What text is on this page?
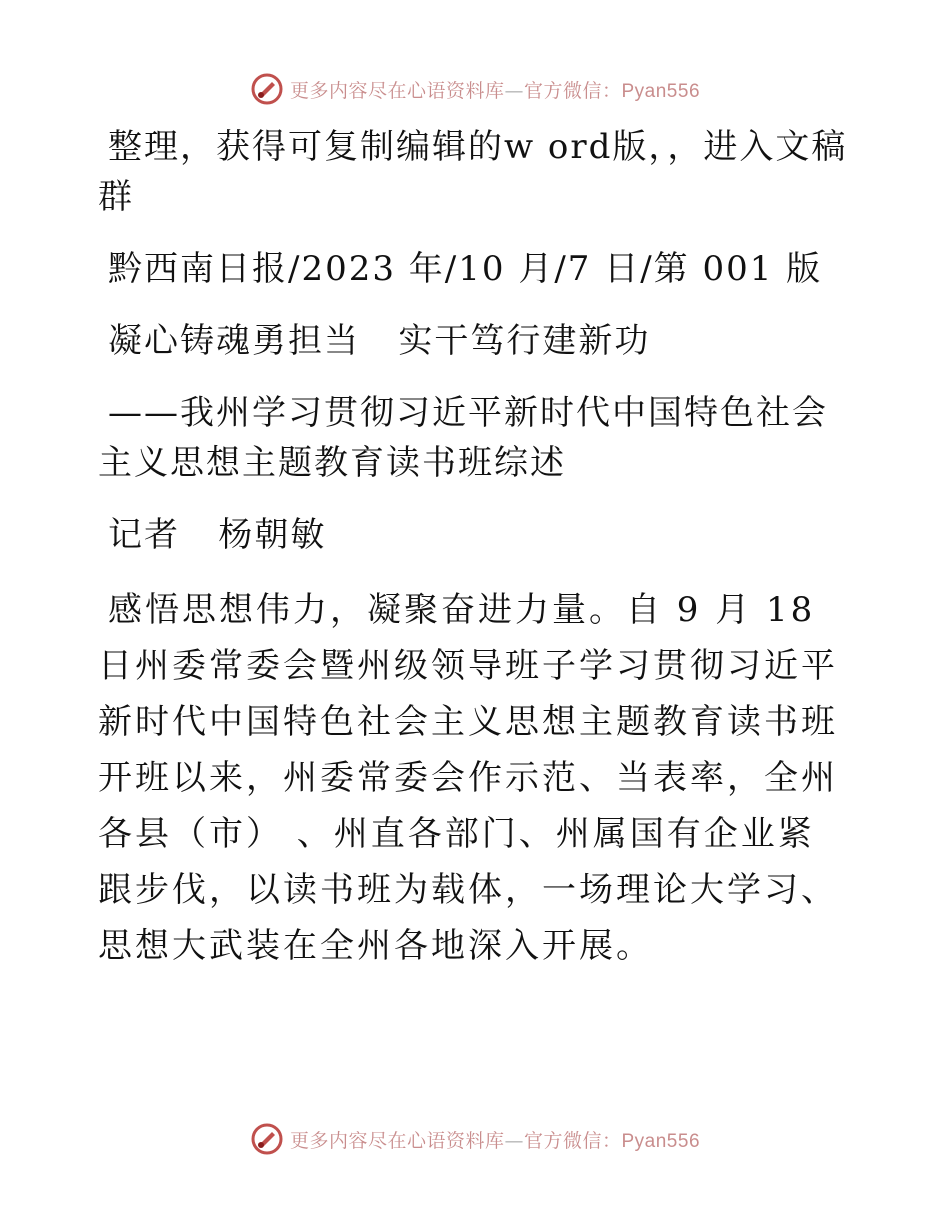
更多内容尽在心语资料库—官方微信：Pyan556

整理，获得可复制编辑的w ord版，，进入文稿群

黔西南日报/2023 年/10 月/7 日/第 001 版

凝心铸魂勇担当   实干笃行建新功

——我州学习贯彻习近平新时代中国特色社会主义思想主题教育读书班综述

记者   杨朝敏

感悟思想伟力，凝聚奋进力量。自 9 月 18 日州委常委会暨州级领导班子学习贯彻习近平新时代中国特色社会主义思想主题教育读书班开班以来，州委常委会作示范、当表率，全州各县（市） 、州直各部门、州属国有企业紧跟步伐，以读书班为载体，一场理论大学习、思想大武装在全州各地深入开展。

更多内容尽在心语资料库—官方微信：Pyan556
